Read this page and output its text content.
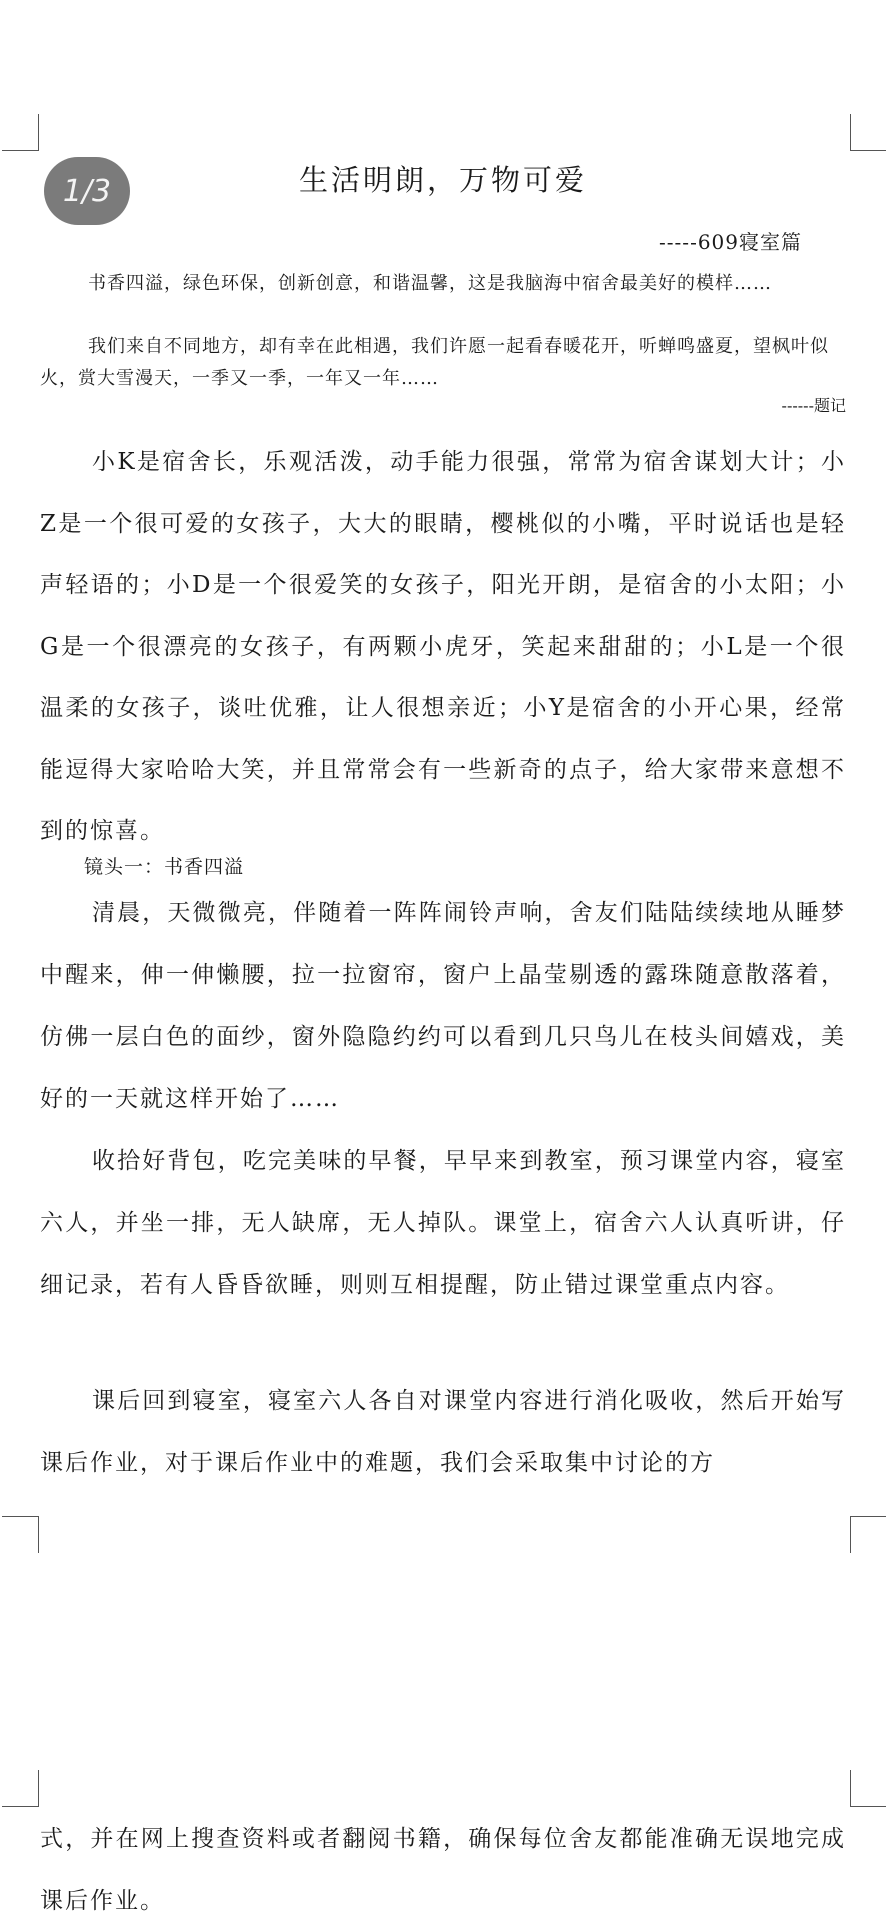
1/3	生活明朗，万物可爱
-----609寝室篇

书香四溢，绿色环保，创新创意，和谐温馨，这是我脑海中宿舍最美好的模样……

我们来自不同地方，却有幸在此相遇，我们许愿一起看春暖花开，听蝉鸣盛夏，望枫叶似火，赏大雪漫天，一季又一季，一年又一年……

------题记

小K是宿舍长，乐观活泼，动手能力很强，常常为宿舍谋划大计；小Z是一个很可爱的女孩子，大大的眼睛，樱桃似的小嘴，平时说话也是轻声轻语的；小D是一个很爱笑的女孩子，阳光开朗，是宿舍的小太阳；小G是一个很漂亮的女孩子，有两颗小虎牙，笑起来甜甜的；小L是一个很温柔的女孩子，谈吐优雅，让人很想亲近；小Y是宿舍的小开心果，经常能逗得大家哈哈大笑，并且常常会有一些新奇的点子，给大家带来意想不到的惊喜。

镜头一：书香四溢

清晨，天微微亮，伴随着一阵阵闹铃声响，舍友们陆陆续续地从睡梦中醒来，伸一伸懒腰，拉一拉窗帘，窗户上晶莹剔透的露珠随意散落着，仿佛一层白色的面纱，窗外隐隐约约可以看到几只鸟儿在枝头间嬉戏，美好的一天就这样开始了……

收拾好背包，吃完美味的早餐，早早来到教室，预习课堂内容，寝室六人，并坐一排，无人缺席，无人掉队。课堂上，宿舍六人认真听讲，仔细记录，若有人昏昏欲睡，则则互相提醒，防止错过课堂重点内容。

课后回到寝室，寝室六人各自对课堂内容进行消化吸收，然后开始写课后作业，对于课后作业中的难题，我们会采取集中讨论的方

式，并在网上搜查资料或者翻阅书籍，确保每位舍友都能准确无误地完成课后作业。
